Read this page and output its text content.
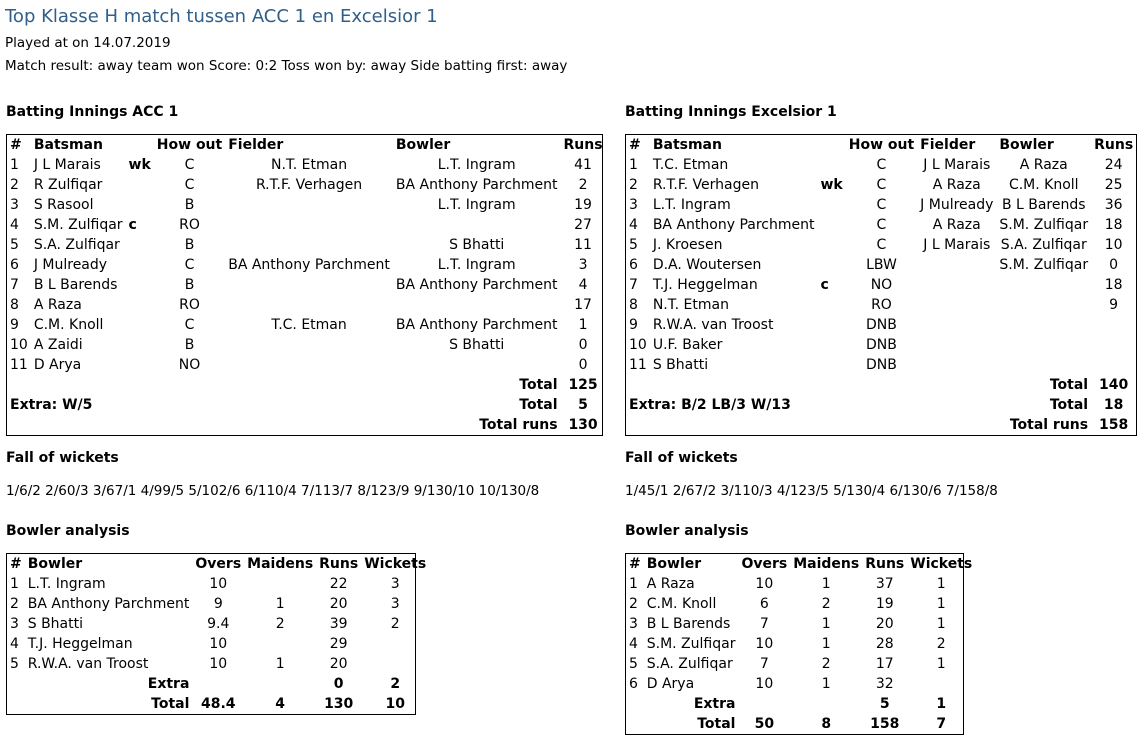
Top Klasse H match tussen ACC 1 en Excelsior 1
Played at on 14.07.2019
Match result: away team won Score: 0:2 Toss won by: away Side batting first: away
Batting Innings ACC 1
#	Batsman		How out	Fielder	Bowler	Runs
1	J L Marais	wk	C	N.T. Etman	L.T. Ingram	41
2	R Zulfiqar		C	R.T.F. Verhagen	BA Anthony Parchment	2
3	S Rasool		B		L.T. Ingram	19
4	S.M. Zulfiqar	c	RO			27
5	S.A. Zulfiqar		B		S Bhatti	11
6	J Mulready		C	BA Anthony Parchment	L.T. Ingram	3
7	B L Barends		B		BA Anthony Parchment	4
8	A Raza		RO			17
9	C.M. Knoll		C	T.C. Etman	BA Anthony Parchment	1
10	A Zaidi		B		S Bhatti	0
11	D Arya		NO			0
Total						125
Extra: W/5				Total		5
Total runs						130
Fall of wickets
1/6/2 2/60/3 3/67/1 4/99/5 5/102/6 6/110/4 7/113/7 8/123/9 9/130/10 10/130/8
Bowler analysis
#	Bowler	Overs	Maidens	Runs	Wickets
1	L.T. Ingram	10		22	3
2	BA Anthony Parchment	9	1	20	3
3	S Bhatti	9.4	2	39	2
4	T.J. Heggelman	10		29	
5	R.W.A. van Troost	10	1	20	
Extra				0	2
Total		48.4	4	130	10
Batting Innings Excelsior 1
#	Batsman		How out	Fielder	Bowler	Runs
1	T.C. Etman		C	J L Marais	A Raza	24
2	R.T.F. Verhagen	wk	C	A Raza	C.M. Knoll	25
3	L.T. Ingram		C	J Mulready	B L Barends	36
4	BA Anthony Parchment		C	A Raza	S.M. Zulfiqar	18
5	J. Kroesen		C	J L Marais	S.A. Zulfiqar	10
6	D.A. Woutersen		LBW		S.M. Zulfiqar	0
7	T.J. Heggelman	c	NO			18
8	N.T. Etman		RO			9
9	R.W.A. van Troost		DNB			
10	U.F. Baker		DNB			
11	S Bhatti		DNB			
Total						140
Extra: B/2 LB/3 W/13				Total		18
Total runs						158
Fall of wickets
1/45/1 2/67/2 3/110/3 4/123/5 5/130/4 6/130/6 7/158/8
Bowler analysis
#	Bowler	Overs	Maidens	Runs	Wickets
1	A Raza	10	1	37	1
2	C.M. Knoll	6	2	19	1
3	B L Barends	7	1	20	1
4	S.M. Zulfiqar	10	1	28	2
5	S.A. Zulfiqar	7	2	17	1
6	D Arya	10	1	32	
Extra				5	1
Total		50	8	158	7
